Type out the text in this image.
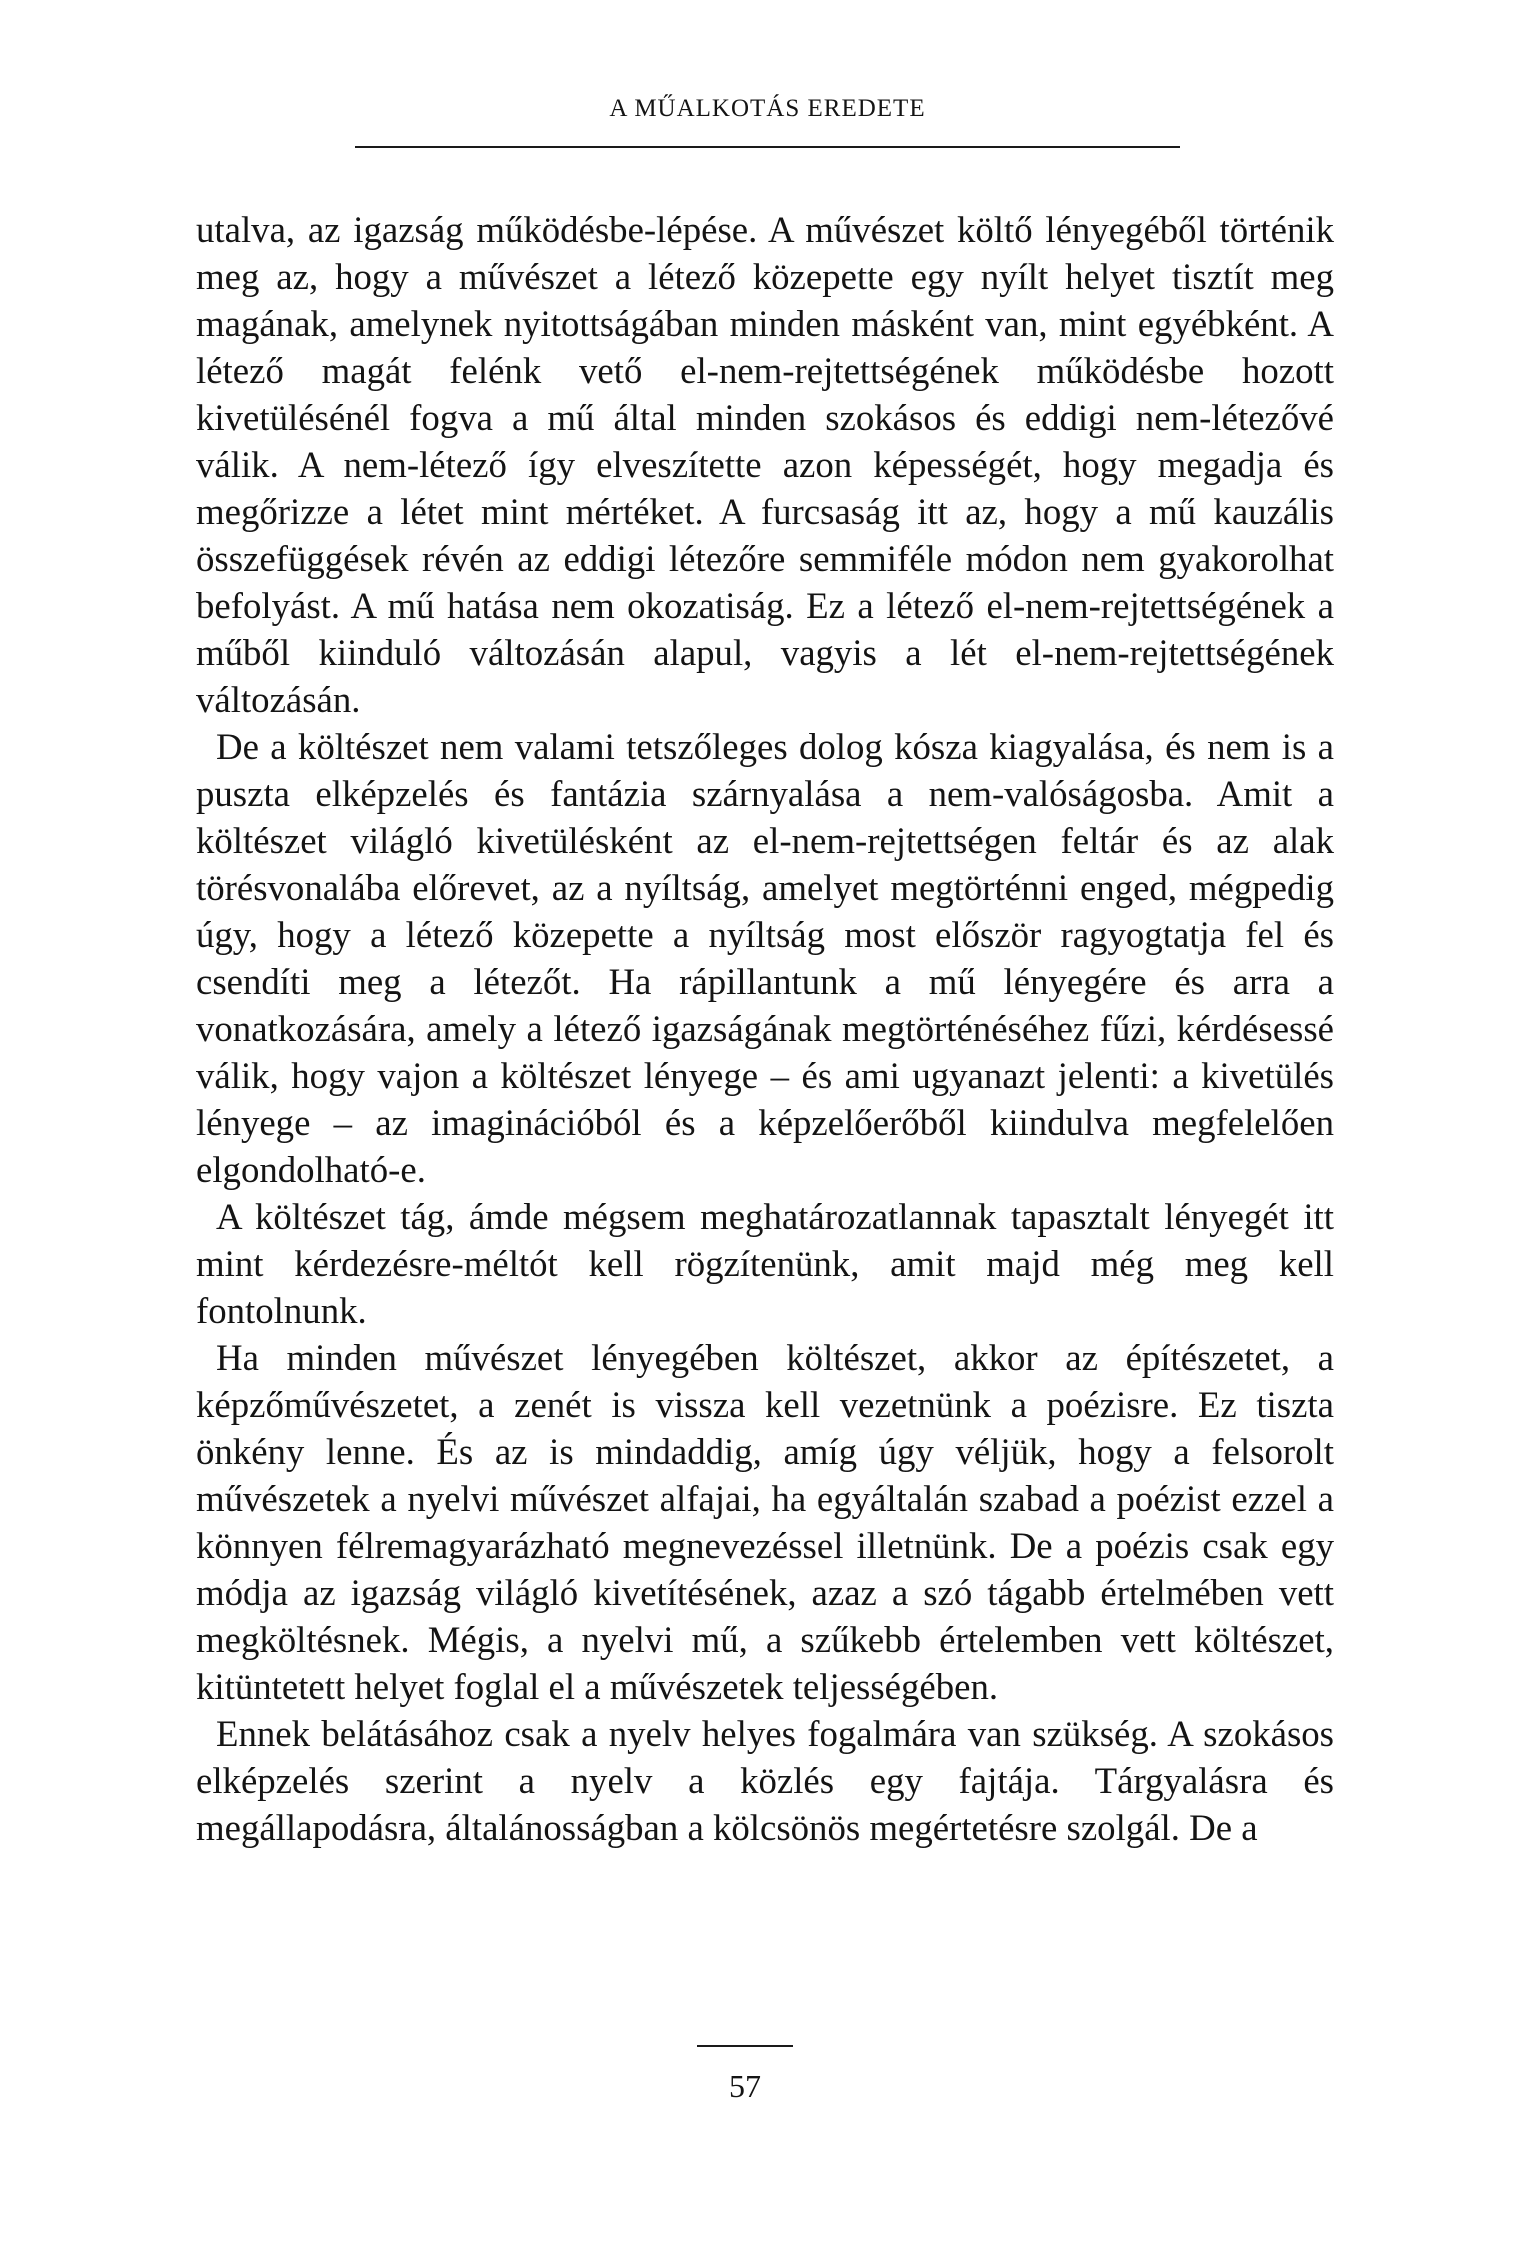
A MŰALKOTÁS EREDETE

utalva, az igazság működésbe-lépése. A művészet költő lényegéből történik meg az, hogy a művészet a létező közepette egy nyílt helyet tisztít meg magának, amelynek nyitottságában minden másként van, mint egyébként. A létező magát felénk vető el-nem-rejtettségének működésbe hozott kivetülésénél fogva a mű által minden szokásos és eddigi nem-létezővé válik. A nem-létező így elveszítette azon képességét, hogy megadja és megőrizze a létet mint mértéket. A furcsaság itt az, hogy a mű kauzális összefüggések révén az eddigi létezőre semmiféle módon nem gyakorolhat befolyást. A mű hatása nem okozatiság. Ez a létező el-nem-rejtettségének a műből kiinduló változásán alapul, vagyis a lét el-nem-rejtettségének változásán.

De a költészet nem valami tetszőleges dolog kósza kiagyalása, és nem is a puszta elképzelés és fantázia szárnyalása a nem-valóságosba. Amit a költészet világló kivetülésként az el-nem-rejtettségen feltár és az alak törésvonalába előrevet, az a nyíltság, amelyet megtörténni enged, mégpedig úgy, hogy a létező közepette a nyíltság most először ragyogtatja fel és csendíti meg a létezőt. Ha rápillantunk a mű lényegére és arra a vonatkozására, amely a létező igazságának megtörténéséhez fűzi, kérdésessé válik, hogy vajon a költészet lényege – és ami ugyanazt jelenti: a kivetülés lényege – az imaginációból és a képzelőerőből kiindulva megfelelően elgondolható-e.

A költészet tág, ámde mégsem meghatározatlannak tapasztalt lényegét itt mint kérdezésre-méltót kell rögzítenünk, amit majd még meg kell fontolnunk.

Ha minden művészet lényegében költészet, akkor az építészetet, a képzőművészetet, a zenét is vissza kell vezetnünk a poézisre. Ez tiszta önkény lenne. És az is mindaddig, amíg úgy véljük, hogy a felsorolt művészetek a nyelvi művészet alfajai, ha egyáltalán szabad a poézist ezzel a könnyen félremagyarázható megnevezéssel illetnünk. De a poézis csak egy módja az igazság világló kivetítésének, azaz a szó tágabb értelmében vett megköltésnek. Mégis, a nyelvi mű, a szűkebb értelemben vett költészet, kitüntetett helyet foglal el a művészetek teljességében.

Ennek belátásához csak a nyelv helyes fogalmára van szükség. A szokásos elképzelés szerint a nyelv a közlés egy fajtája. Tárgyalásra és megállapodásra, általánosságban a kölcsönös megértetésre szolgál. De a

57
